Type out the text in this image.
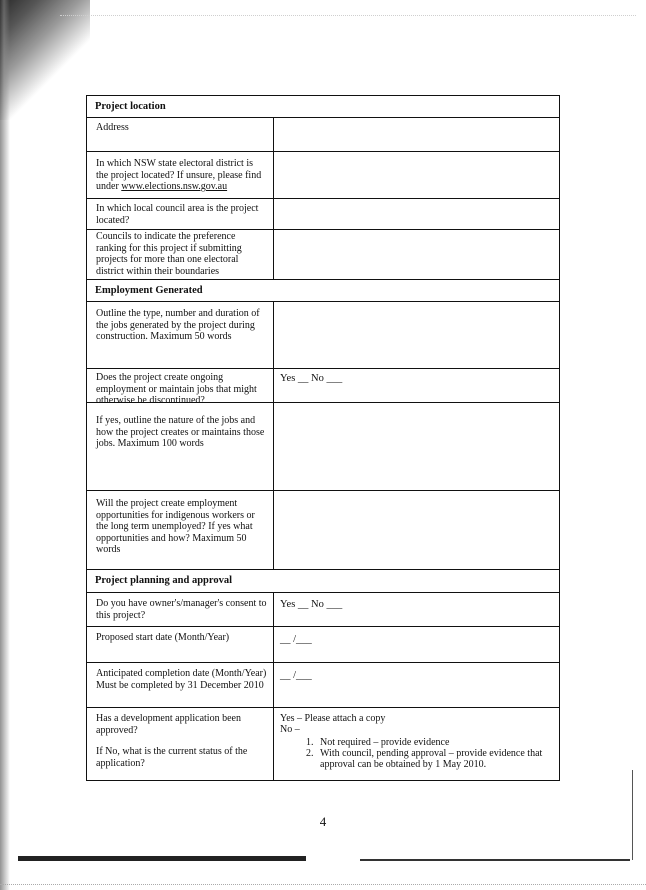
Project location
Address
In which NSW state electoral district is the project located? If unsure, please find under www.elections.nsw.gov.au
In which local council area is the project located?
Councils to indicate the preference ranking for this project if submitting projects for more than one electoral district within their boundaries
Employment Generated
Outline the type, number and duration of the jobs generated by the project during construction. Maximum 50 words
Does the project create ongoing employment or maintain jobs that might otherwise be discontinued?
Yes __ No ___
If yes, outline the nature of the jobs and how the project creates or maintains those jobs. Maximum 100 words
Will the project create employment opportunities for indigenous workers or the long term unemployed? If yes what opportunities and how? Maximum 50 words
Project planning and approval
Do you have owner's/manager's consent to this project?
Yes __ No ___
Proposed start date (Month/Year)	__ /___
Anticipated completion date (Month/Year)
Must be completed by 31 December 2010
__ /___
Has a development application been approved?
If No, what is the current status of the application?
Yes – Please attach a copy
No –
1. Not required – provide evidence
2. With council, pending approval – provide evidence that approval can be obtained by 1 May 2010.
4
